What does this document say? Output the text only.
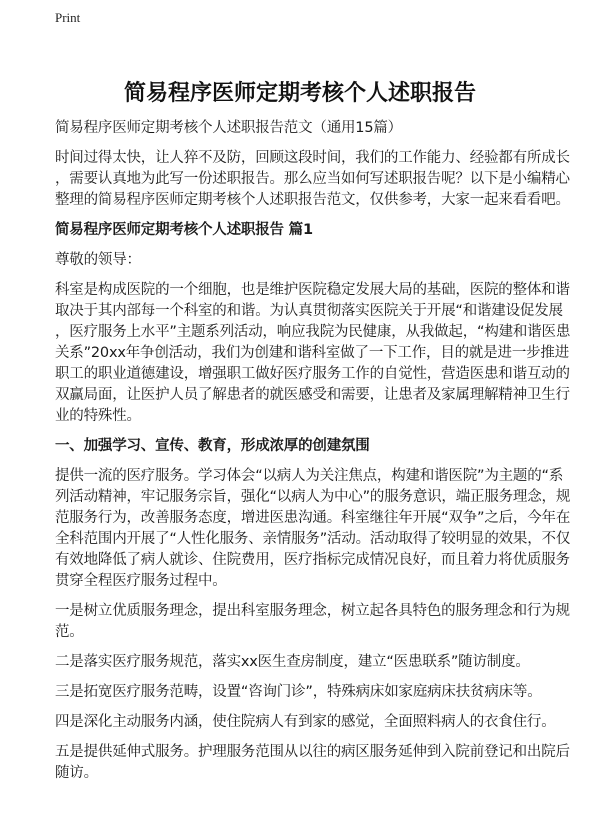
Print
简易程序医师定期考核个人述职报告
简易程序医师定期考核个人述职报告范文（通用15篇）
时间过得太快，让人猝不及防，回顾这段时间，我们的工作能力、经验都有所成长
，需要认真地为此写一份述职报告。那么应当如何写述职报告呢？以下是小编精心
整理的简易程序医师定期考核个人述职报告范文，仅供参考，大家一起来看看吧。
简易程序医师定期考核个人述职报告 篇1
尊敬的领导：
科室是构成医院的一个细胞，也是维护医院稳定发展大局的基础，医院的整体和谐
取决于其内部每一个科室的和谐。为认真贯彻落实医院关于开展“和谐建设促发展
，医疗服务上水平”主题系列活动，响应我院为民健康，从我做起，“构建和谐医患
关系”20xx年争创活动，我们为创建和谐科室做了一下工作，目的就是进一步推进
职工的职业道德建设，增强职工做好医疗服务工作的自觉性，营造医患和谐互动的
双赢局面，让医护人员了解患者的就医感受和需要，让患者及家属理解精神卫生行
业的特殊性。
一、加强学习、宣传、教育，形成浓厚的创建氛围
提供一流的医疗服务。学习体会“以病人为关注焦点，构建和谐医院”为主题的“系
列活动精神，牢记服务宗旨，强化“以病人为中心”的服务意识，端正服务理念，规
范服务行为，改善服务态度，增进医患沟通。科室继往年开展“双争”之后，今年在
全科范围内开展了“人性化服务、亲情服务”活动。活动取得了较明显的效果，不仅
有效地降低了病人就诊、住院费用，医疗指标完成情况良好，而且着力将优质服务
贯穿全程医疗服务过程中。
一是树立优质服务理念，提出科室服务理念，树立起各具特色的服务理念和行为规
范。
二是落实医疗服务规范，落实xx医生查房制度，建立“医患联系”随访制度。
三是拓宽医疗服务范畴，设置“咨询门诊”，特殊病床如家庭病床扶贫病床等。
四是深化主动服务内涵，使住院病人有到家的感觉，全面照料病人的衣食住行。
五是提供延伸式服务。护理服务范围从以往的病区服务延伸到入院前登记和出院后
随访。
